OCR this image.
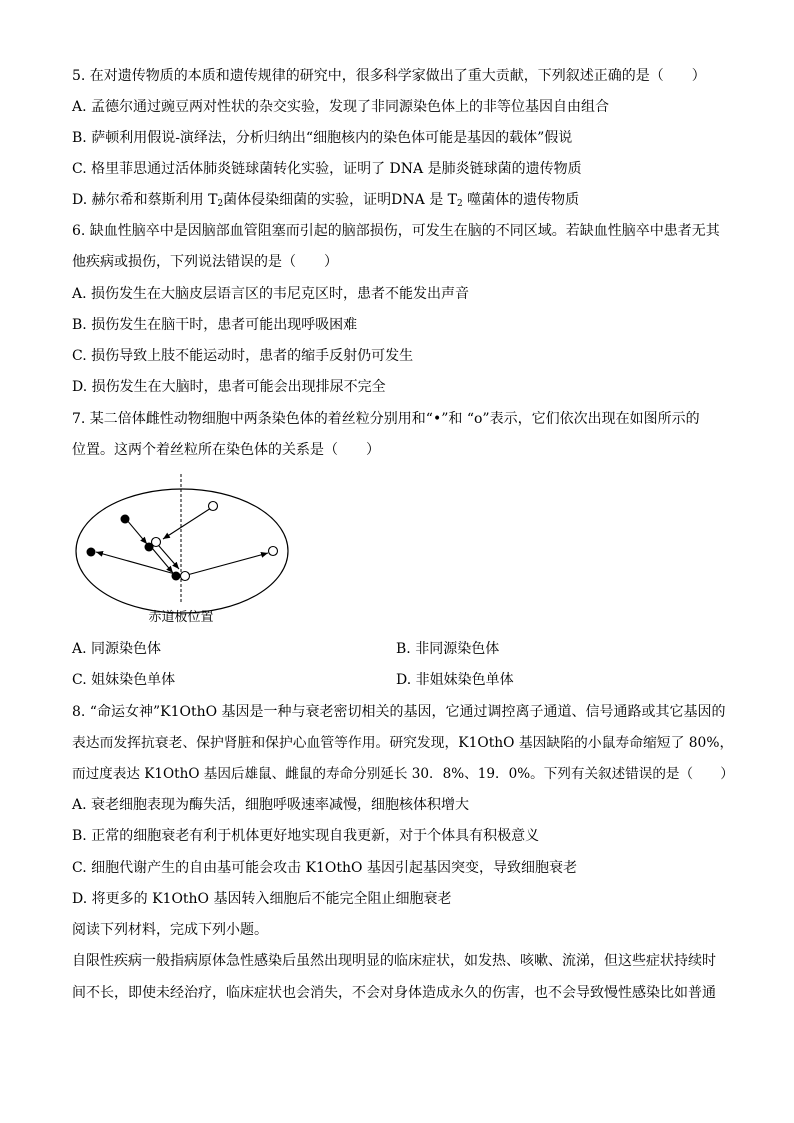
5. 在对遗传物质的本质和遗传规律的研究中，很多科学家做出了重大贡献，下列叙述正确的是（　　）
A. 孟德尔通过豌豆两对性状的杂交实验，发现了非同源染色体上的非等位基因自由组合
B. 萨顿利用假说-演绎法，分析归纳出“细胞核内的染色体可能是基因的载体”假说
C. 格里菲思通过活体肺炎链球菌转化实验，证明了 DNA 是肺炎链球菌的遗传物质
D. 赫尔希和蔡斯利用 $T_2$菌体侵染细菌的实验，证明DNA 是 $T_2$ 噬菌体的遗传物质
6. 缺血性脑卒中是因脑部血管阻塞而引起的脑部损伤，可发生在脑的不同区域。若缺血性脑卒中患者无其
他疾病或损伤，下列说法错误的是（　　）
A. 损伤发生在大脑皮层语言区的韦尼克区时，患者不能发出声音
B. 损伤发生在脑干时，患者可能出现呼吸困难
C. 损伤导致上肢不能运动时，患者的缩手反射仍可发生
D. 损伤发生在大脑时，患者可能会出现排尿不完全
7. 某二倍体雌性动物细胞中两条染色体的着丝粒分别用和“•”和 “o”表示，它们依次出现在如图所示的
位置。这两个着丝粒所在染色体的关系是（　　）
赤道板位置
A. 同源染色体	B. 非同源染色体
C. 姐妹染色单体	D. 非姐妹染色单体
8. “命运女神”K1OthO 基因是一种与衰老密切相关的基因，它通过调控离子通道、信号通路或其它基因的
表达而发挥抗衰老、保护肾脏和保护心血管等作用。研究发现，K1OthO 基因缺陷的小鼠寿命缩短了 80%，
而过度表达 K1OthO 基因后雄鼠、雌鼠的寿命分别延长 30．8%、19．0%。下列有关叙述错误的是（　　）
A. 衰老细胞表现为酶失活，细胞呼吸速率减慢，细胞核体积增大
B. 正常的细胞衰老有利于机体更好地实现自我更新，对于个体具有积极意义
C. 细胞代谢产生的自由基可能会攻击 K1OthO 基因引起基因突变，导致细胞衰老
D. 将更多的 K1OthO 基因转入细胞后不能完全阻止细胞衰老
阅读下列材料，完成下列小题。
自限性疾病一般指病原体急性感染后虽然出现明显的临床症状，如发热、咳嗽、流涕，但这些症状持续时
间不长，即使未经治疗，临床症状也会消失，不会对身体造成永久的伤害，也不会导致慢性感染比如普通
